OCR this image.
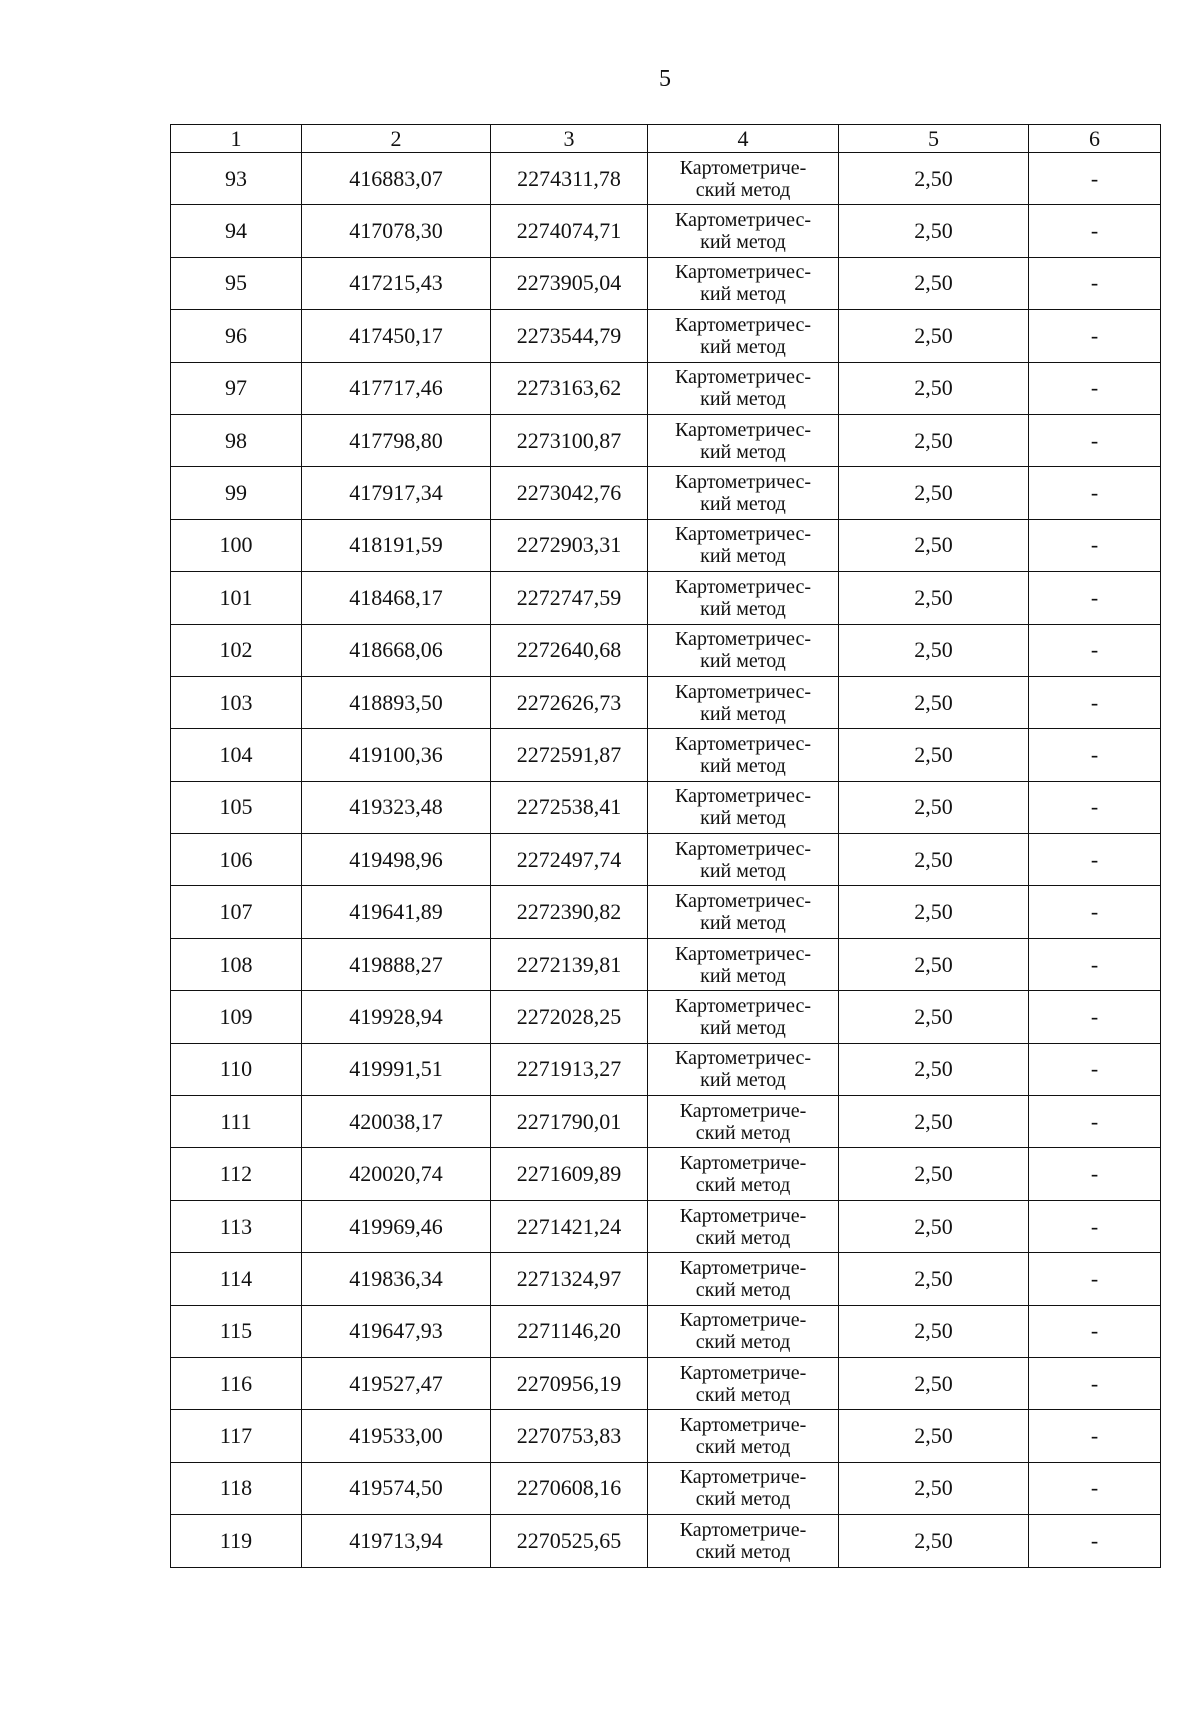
5
1	2	3	4	5	6
93	416883,07	2274311,78	Картометриче-
ский метод	2,50	-
94	417078,30	2274074,71	Картометричес-
кий метод	2,50	-
95	417215,43	2273905,04	Картометричес-
кий метод	2,50	-
96	417450,17	2273544,79	Картометричес-
кий метод	2,50	-
97	417717,46	2273163,62	Картометричес-
кий метод	2,50	-
98	417798,80	2273100,87	Картометричес-
кий метод	2,50	-
99	417917,34	2273042,76	Картометричес-
кий метод	2,50	-
100	418191,59	2272903,31	Картометричес-
кий метод	2,50	-
101	418468,17	2272747,59	Картометричес-
кий метод	2,50	-
102	418668,06	2272640,68	Картометричес-
кий метод	2,50	-
103	418893,50	2272626,73	Картометричес-
кий метод	2,50	-
104	419100,36	2272591,87	Картометричес-
кий метод	2,50	-
105	419323,48	2272538,41	Картометричес-
кий метод	2,50	-
106	419498,96	2272497,74	Картометричес-
кий метод	2,50	-
107	419641,89	2272390,82	Картометричес-
кий метод	2,50	-
108	419888,27	2272139,81	Картометричес-
кий метод	2,50	-
109	419928,94	2272028,25	Картометричес-
кий метод	2,50	-
110	419991,51	2271913,27	Картометричес-
кий метод	2,50	-
111	420038,17	2271790,01	Картометриче-
ский метод	2,50	-
112	420020,74	2271609,89	Картометриче-
ский метод	2,50	-
113	419969,46	2271421,24	Картометриче-
ский метод	2,50	-
114	419836,34	2271324,97	Картометриче-
ский метод	2,50	-
115	419647,93	2271146,20	Картометриче-
ский метод	2,50	-
116	419527,47	2270956,19	Картометриче-
ский метод	2,50	-
117	419533,00	2270753,83	Картометриче-
ский метод	2,50	-
118	419574,50	2270608,16	Картометриче-
ский метод	2,50	-
119	419713,94	2270525,65	Картометриче-
ский метод	2,50	-
